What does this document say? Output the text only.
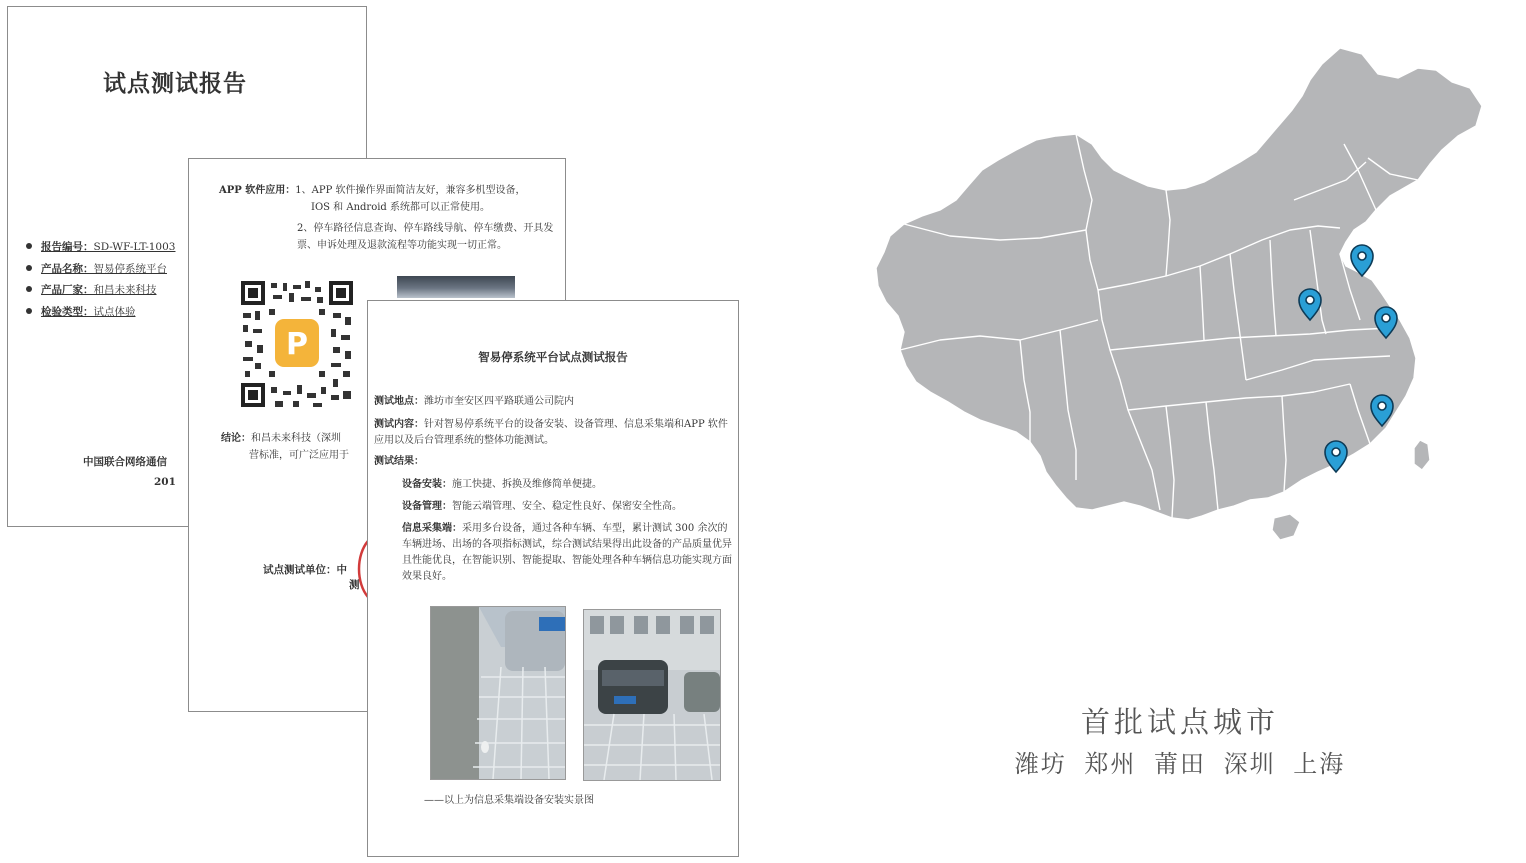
试点测试报告
报告编号：SD-WF-LT-1003
产品名称：智易停系统平台
产品厂家：和昌未来科技
检验类型：试点体验
中国联合网络通信
201
APP 软件应用：1、APP 软件操作界面简洁友好，兼容多机型设备，
IOS 和 Android 系统都可以正常使用。
2、停车路径信息查询、停车路线导航、停车缴费、开具发票、申诉处理及退款流程等功能实现一切正常。
P
结论：和昌未来科技（深圳
营标准，可广泛应用于
试点测试单位：中
测
智易停系统平台试点测试报告
测试地点：潍坊市奎安区四平路联通公司院内
测试内容：针对智易停系统平台的设备安装、设备管理、信息采集端和APP 软件应用以及后台管理系统的整体功能测试。
测试结果：
设备安装：施工快捷、拆换及维修简单便捷。
设备管理：智能云端管理、安全、稳定性良好、保密安全性高。
信息采集端：采用多台设备，通过各种车辆、车型，累计测试 300 余次的车辆进场、出场的各项指标测试，综合测试结果得出此设备的产品质量优异且性能优良，在智能识别、智能提取、智能处理各种车辆信息功能实现方面效果良好。
——以上为信息采集端设备安装实景图
首批试点城市
潍坊 郑州 莆田 深圳 上海
